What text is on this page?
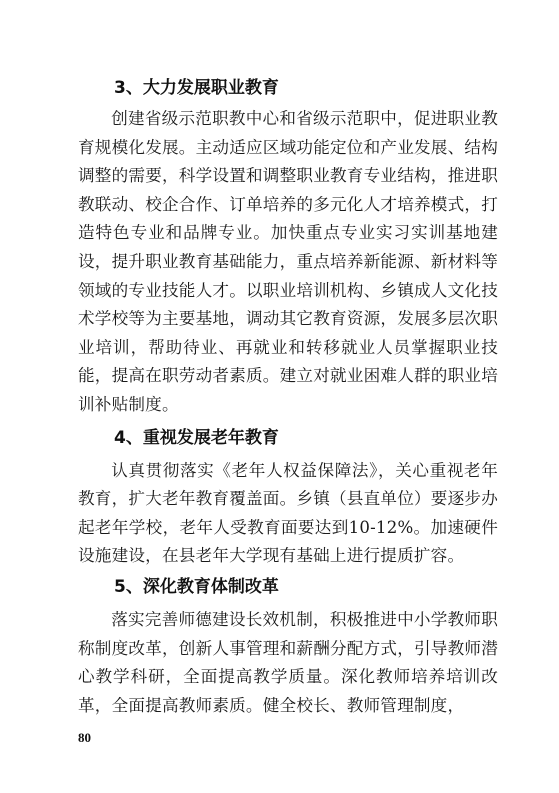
3、大力发展职业教育

创建省级示范职教中心和省级示范职中，促进职业教育规模化发展。主动适应区域功能定位和产业发展、结构调整的需要，科学设置和调整职业教育专业结构，推进职教联动、校企合作、订单培养的多元化人才培养模式，打造特色专业和品牌专业。加快重点专业实习实训基地建设，提升职业教育基础能力，重点培养新能源、新材料等领域的专业技能人才。以职业培训机构、乡镇成人文化技术学校等为主要基地，调动其它教育资源，发展多层次职业培训，帮助待业、再就业和转移就业人员掌握职业技能，提高在职劳动者素质。建立对就业困难人群的职业培训补贴制度。

4、重视发展老年教育

认真贯彻落实《老年人权益保障法》，关心重视老年教育，扩大老年教育覆盖面。乡镇（县直单位）要逐步办起老年学校，老年人受教育面要达到10-12%。加速硬件设施建设，在县老年大学现有基础上进行提质扩容。

5、深化教育体制改革

落实完善师德建设长效机制，积极推进中小学教师职称制度改革，创新人事管理和薪酬分配方式，引导教师潜心教学科研，全面提高教学质量。深化教师培养培训改革，全面提高教师素质。健全校长、教师管理制度，

80
